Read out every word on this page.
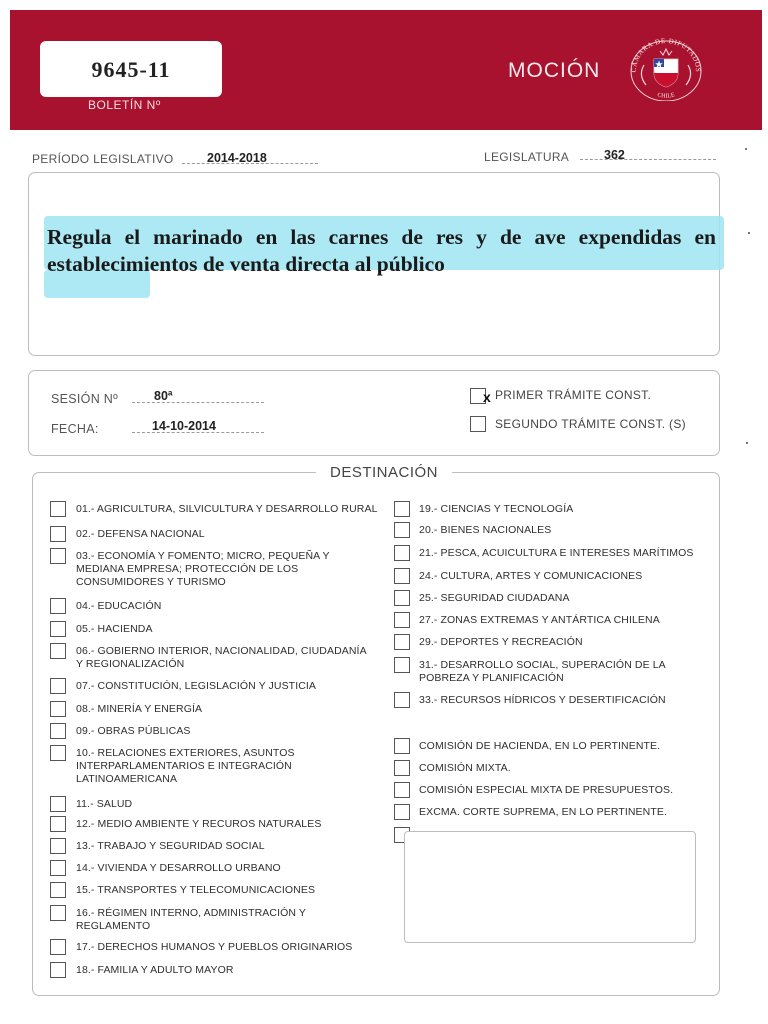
9645-11
BOLETÍN Nº
MOCIÓN	CÁMARA DE DIPUTADOS
CHILE
PERÍODO LEGISLATIVO	2014-2018	LEGISLATURA	362
Regula el marinado en las carnes de res y de ave expendidas en establecimientos de venta directa al público
SESIÓN Nº	80ª
FECHA:	14-10-2014
x PRIMER TRÁMITE CONST.
SEGUNDO TRÁMITE CONST. (S)
DESTINACIÓN
01.- AGRICULTURA, SILVICULTURA Y DESARROLLO RURAL
02.- DEFENSA NACIONAL
03.- ECONOMÍA Y FOMENTO; MICRO, PEQUEÑA Y
MEDIANA EMPRESA; PROTECCIÓN DE LOS
CONSUMIDORES Y TURISMO
04.- EDUCACIÓN
05.- HACIENDA
06.- GOBIERNO INTERIOR, NACIONALIDAD, CIUDADANÍA
Y REGIONALIZACIÓN
07.- CONSTITUCIÓN, LEGISLACIÓN Y JUSTICIA
08.- MINERÍA Y ENERGÍA
09.- OBRAS PÚBLICAS
10.- RELACIONES EXTERIORES, ASUNTOS
INTERPARLAMENTARIOS E INTEGRACIÓN
LATINOAMERICANA
11.- SALUD
12.- MEDIO AMBIENTE Y RECUROS NATURALES
13.- TRABAJO Y SEGURIDAD SOCIAL
14.- VIVIENDA Y DESARROLLO URBANO
15.- TRANSPORTES Y TELECOMUNICACIONES
16.- RÉGIMEN INTERNO, ADMINISTRACIÓN Y
REGLAMENTO
17.- DERECHOS HUMANOS Y PUEBLOS ORIGINARIOS
18.- FAMILIA Y ADULTO MAYOR
19.- CIENCIAS Y TECNOLOGÍA
20.- BIENES NACIONALES
21.- PESCA, ACUICULTURA E INTERESES MARÍTIMOS
24.- CULTURA, ARTES Y COMUNICACIONES
25.- SEGURIDAD CIUDADANA
27.- ZONAS EXTREMAS Y ANTÁRTICA CHILENA
29.- DEPORTES Y RECREACIÓN
31.- DESARROLLO SOCIAL, SUPERACIÓN DE LA
POBREZA Y PLANIFICACIÓN
33.- RECURSOS HÍDRICOS Y DESERTIFICACIÓN
COMISIÓN DE HACIENDA, EN LO PERTINENTE.
COMISIÓN MIXTA.
COMISIÓN ESPECIAL MIXTA DE PRESUPUESTOS.
EXCMA. CORTE SUPREMA, EN LO PERTINENTE.
